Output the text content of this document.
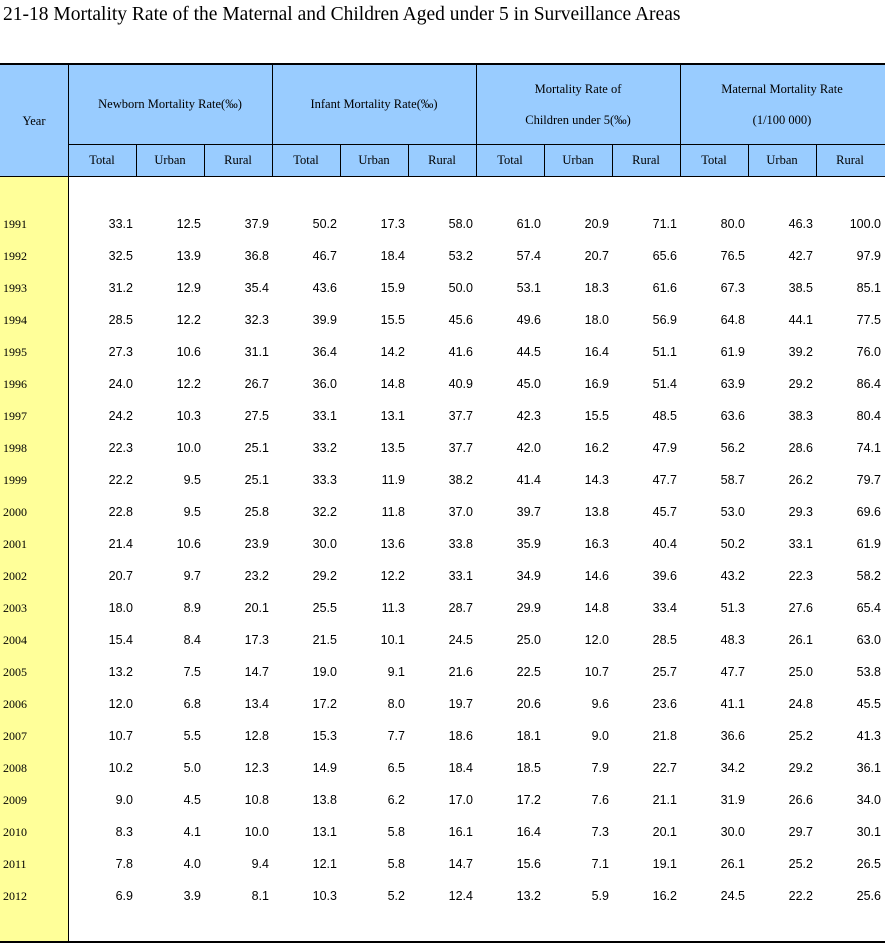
21-18 Mortality Rate of the Maternal and Children Aged under 5 in Surveillance Areas
Year
Newborn Mortality Rate(‰)
Total	Urban	Rural
Infant Mortality Rate(‰)
Total	Urban	Rural
Mortality Rate of
Children under 5(‰)
Total	Urban	Rural
Maternal Mortality Rate
(1/100 000)
Total	Urban	Rural
1991	33.1	12.5	37.9	50.2	17.3	58.0	61.0	20.9	71.1	80.0	46.3	100.0
1992	32.5	13.9	36.8	46.7	18.4	53.2	57.4	20.7	65.6	76.5	42.7	97.9
1993	31.2	12.9	35.4	43.6	15.9	50.0	53.1	18.3	61.6	67.3	38.5	85.1
1994	28.5	12.2	32.3	39.9	15.5	45.6	49.6	18.0	56.9	64.8	44.1	77.5
1995	27.3	10.6	31.1	36.4	14.2	41.6	44.5	16.4	51.1	61.9	39.2	76.0
1996	24.0	12.2	26.7	36.0	14.8	40.9	45.0	16.9	51.4	63.9	29.2	86.4
1997	24.2	10.3	27.5	33.1	13.1	37.7	42.3	15.5	48.5	63.6	38.3	80.4
1998	22.3	10.0	25.1	33.2	13.5	37.7	42.0	16.2	47.9	56.2	28.6	74.1
1999	22.2	9.5	25.1	33.3	11.9	38.2	41.4	14.3	47.7	58.7	26.2	79.7
2000	22.8	9.5	25.8	32.2	11.8	37.0	39.7	13.8	45.7	53.0	29.3	69.6
2001	21.4	10.6	23.9	30.0	13.6	33.8	35.9	16.3	40.4	50.2	33.1	61.9
2002	20.7	9.7	23.2	29.2	12.2	33.1	34.9	14.6	39.6	43.2	22.3	58.2
2003	18.0	8.9	20.1	25.5	11.3	28.7	29.9	14.8	33.4	51.3	27.6	65.4
2004	15.4	8.4	17.3	21.5	10.1	24.5	25.0	12.0	28.5	48.3	26.1	63.0
2005	13.2	7.5	14.7	19.0	9.1	21.6	22.5	10.7	25.7	47.7	25.0	53.8
2006	12.0	6.8	13.4	17.2	8.0	19.7	20.6	9.6	23.6	41.1	24.8	45.5
2007	10.7	5.5	12.8	15.3	7.7	18.6	18.1	9.0	21.8	36.6	25.2	41.3
2008	10.2	5.0	12.3	14.9	6.5	18.4	18.5	7.9	22.7	34.2	29.2	36.1
2009	9.0	4.5	10.8	13.8	6.2	17.0	17.2	7.6	21.1	31.9	26.6	34.0
2010	8.3	4.1	10.0	13.1	5.8	16.1	16.4	7.3	20.1	30.0	29.7	30.1
2011	7.8	4.0	9.4	12.1	5.8	14.7	15.6	7.1	19.1	26.1	25.2	26.5
2012	6.9	3.9	8.1	10.3	5.2	12.4	13.2	5.9	16.2	24.5	22.2	25.6
